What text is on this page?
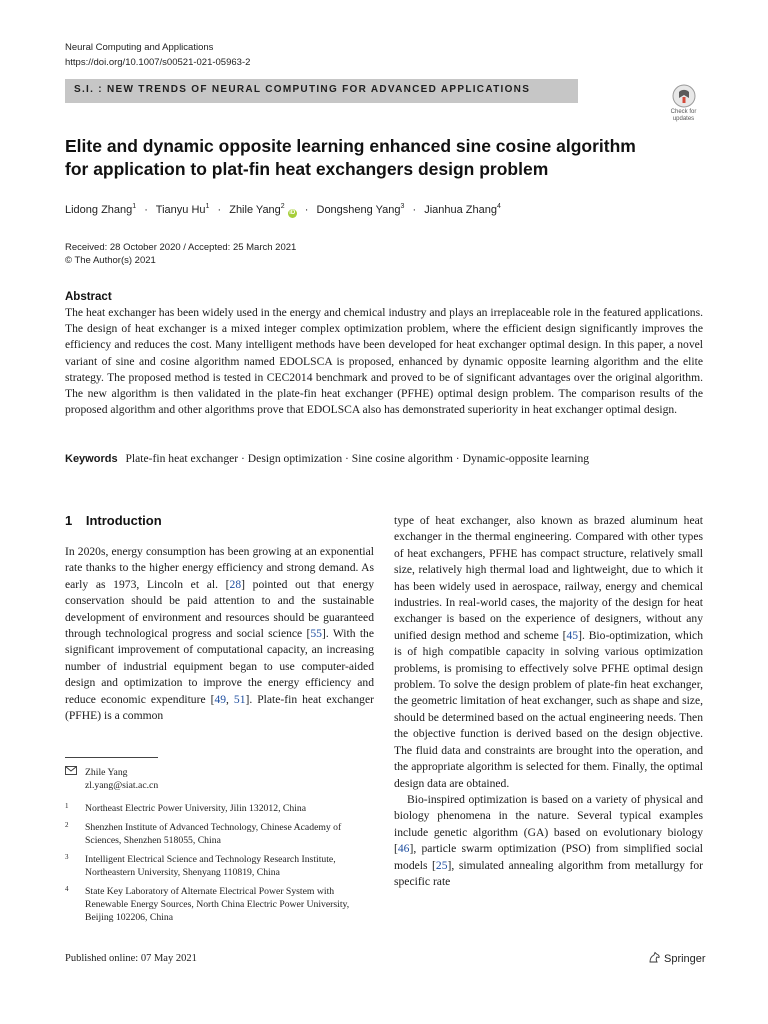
Neural Computing and Applications
https://doi.org/10.1007/s00521-021-05963-2
S.I. : NEW TRENDS OF NEURAL COMPUTING FOR ADVANCED APPLICATIONS
Check for
updates
Elite and dynamic opposite learning enhanced sine cosine algorithm
for application to plat-fin heat exchangers design problem
Lidong Zhang$^1$ · Tianyu $Hu^1$ · Zhile Yang$^2$iD · Dongsheng Yang$^3$ · Jianhua Zhang$^4$
Received: 28 October 2020 / Accepted: 25 March 2021
© The Author(s) 2021
Abstract

The heat exchanger has been widely used in the energy and chemical industry and plays an irreplaceable role in the featured applications. The design of heat exchanger is a mixed integer complex optimization problem, where the efficient design significantly improves the efficiency and reduces the cost. Many intelligent methods have been developed for heat exchanger optimal design. In this paper, a novel variant of sine and cosine algorithm named EDOLSCA is proposed, enhanced by dynamic opposite learning algorithm and the elite strategy. The proposed method is tested in CEC2014 benchmark and proved to be of significant advantages over the original algorithm. The new algorithm is then validated in the plate-fin heat exchanger (PFHE) optimal design problem. The comparison results of the proposed algorithm and other algorithms prove that EDOLSCA also has demonstrated superiority in heat exchanger optimal design.

Keywords Plate-fin heat exchanger · Design optimization · Sine cosine algorithm · Dynamic-opposite learning
1 Introduction

In 2020s, energy consumption has been growing at an exponential rate thanks to the higher energy efficiency and strong demand. As early as 1973, Lincoln et al. [28] pointed out that energy conservation should be paid attention to and the sustainable development of environment and resources should be guaranteed through technological progress and social science [55]. With the significant improvement of computational capacity, an increasing number of industrial equipment began to use computer-aided design and optimization to improve the energy efficiency and reduce economic expenditure [49, 51]. Plate-fin heat exchanger (PFHE) is a common

type of heat exchanger, also known as brazed aluminum heat exchanger in the thermal engineering. Compared with other types of heat exchangers, PFHE has compact structure, relatively small size, relatively high thermal load and lightweight, due to which it has been widely used in aerospace, railway, energy and chemical industries. In real-world cases, the majority of the design for heat exchanger is based on the experience of designers, without any unified design method and scheme [45]. Bio-optimization, which is of high compatible capacity in solving various optimization problems, is promising to effectively solve PFHE optimal design problem. To solve the design problem of plate-fin heat exchanger, the geometric limitation of heat exchanger, such as shape and size, should be determined based on the actual engineering needs. Then the objective function is derived based on the design objective. The fluid data and constraints are brought into the operation, and the appropriate algorithm is selected for them. Finally, the optimal design data are obtained.

Bio-inspired optimization is based on a variety of physical and biology phenomena in the nature. Several typical examples include genetic algorithm (GA) based on evolutionary biology [46], particle swarm optimization (PSO) from simplified social models [25], simulated annealing algorithm from metallurgy for specific rate

Zhile Yang
zl.yang@siat.ac.cn
1 Northeast Electric Power University, Jilin 132012, China
2 Shenzhen Institute of Advanced Technology, Chinese Academy of Sciences, Shenzhen 518055, China
3 Intelligent Electrical Science and Technology Research Institute, Northeastern University, Shenyang 110819, China
4 State Key Laboratory of Alternate Electrical Power System with Renewable Energy Sources, North China Electric Power University, Beijing 102206, China
Published online: 07 May 2021	Springer
